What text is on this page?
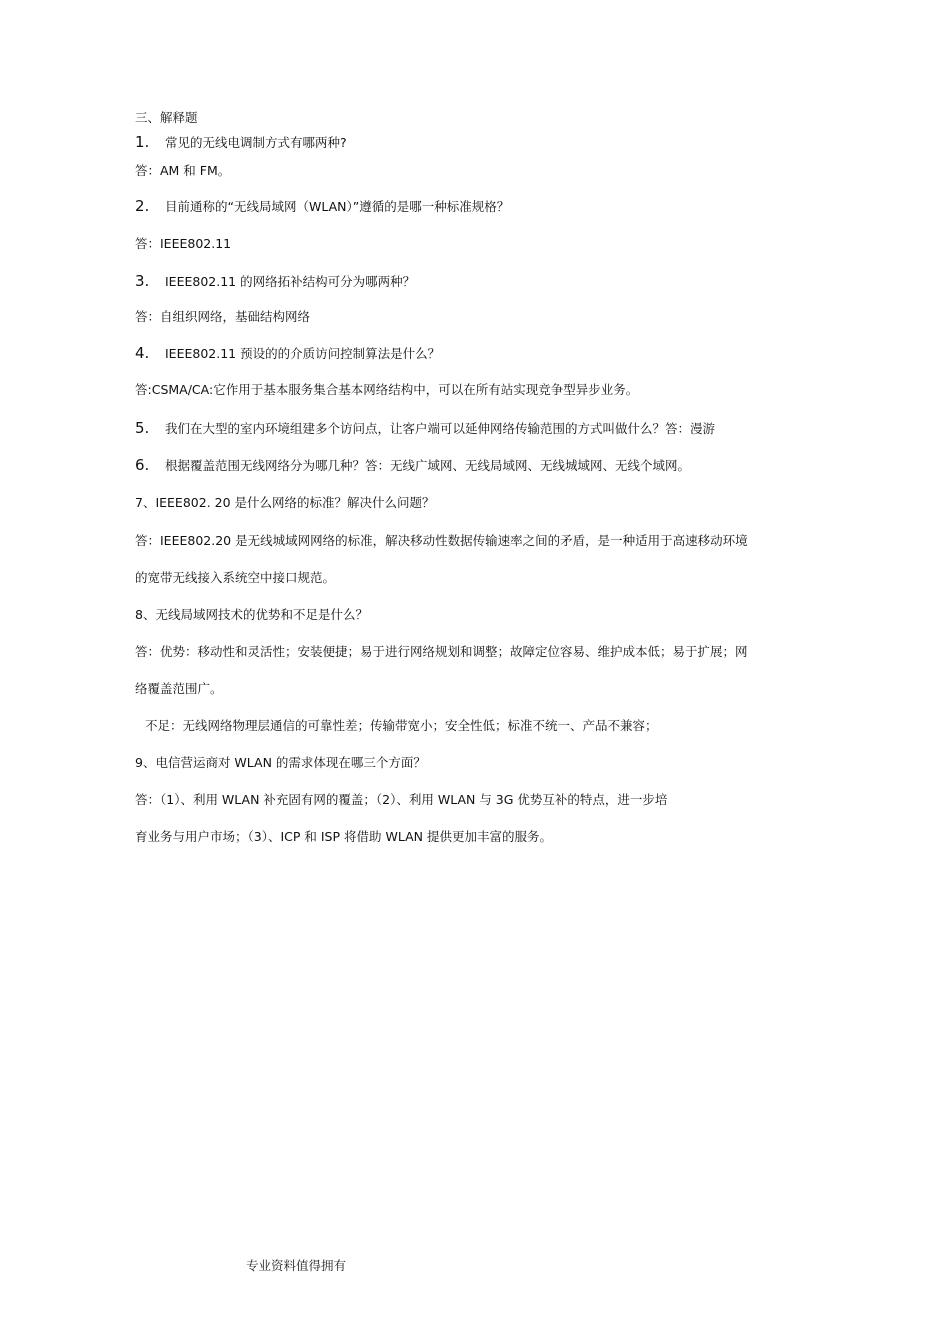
三、解释题
1. 常见的无线电调制方式有哪两种?
答：AM 和 FM。
2. 目前通称的“无线局域网（WLAN）”遵循的是哪一种标准规格？
答：IEEE802.11
3. IEEE802.11 的网络拓补结构可分为哪两种？
答：自组织网络，基础结构网络
4. IEEE802.11 预设的的介质访问控制算法是什么？
答:CSMA/CA:它作用于基本服务集合基本网络结构中，可以在所有站实现竞争型异步业务。
5. 我们在大型的室内环境组建多个访问点，让客户端可以延伸网络传输范围的方式叫做什么？答：漫游
6. 根据覆盖范围无线网络分为哪几种？答：无线广域网、无线局域网、无线城域网、无线个域网。
7、IEEE802. 20 是什么网络的标准？解决什么问题？
答：IEEE802.20 是无线城域网网络的标准，解决移动性数据传输速率之间的矛盾，是一种适用于高速移动环境
的宽带无线接入系统空中接口规范。
8、无线局域网技术的优势和不足是什么？
答：优势：移动性和灵活性；安装便捷；易于进行网络规划和调整；故障定位容易、维护成本低；易于扩展；网
络覆盖范围广。
不足：无线网络物理层通信的可靠性差；传输带宽小；安全性低；标准不统一、产品不兼容；
9、电信营运商对 WLAN 的需求体现在哪三个方面？
答：（1）、利用 WLAN 补充固有网的覆盖；（2）、利用 WLAN 与 3G 优势互补的特点，进一步培
育业务与用户市场；（3）、ICP 和 ISP 将借助 WLAN 提供更加丰富的服务。
专业资料值得拥有
